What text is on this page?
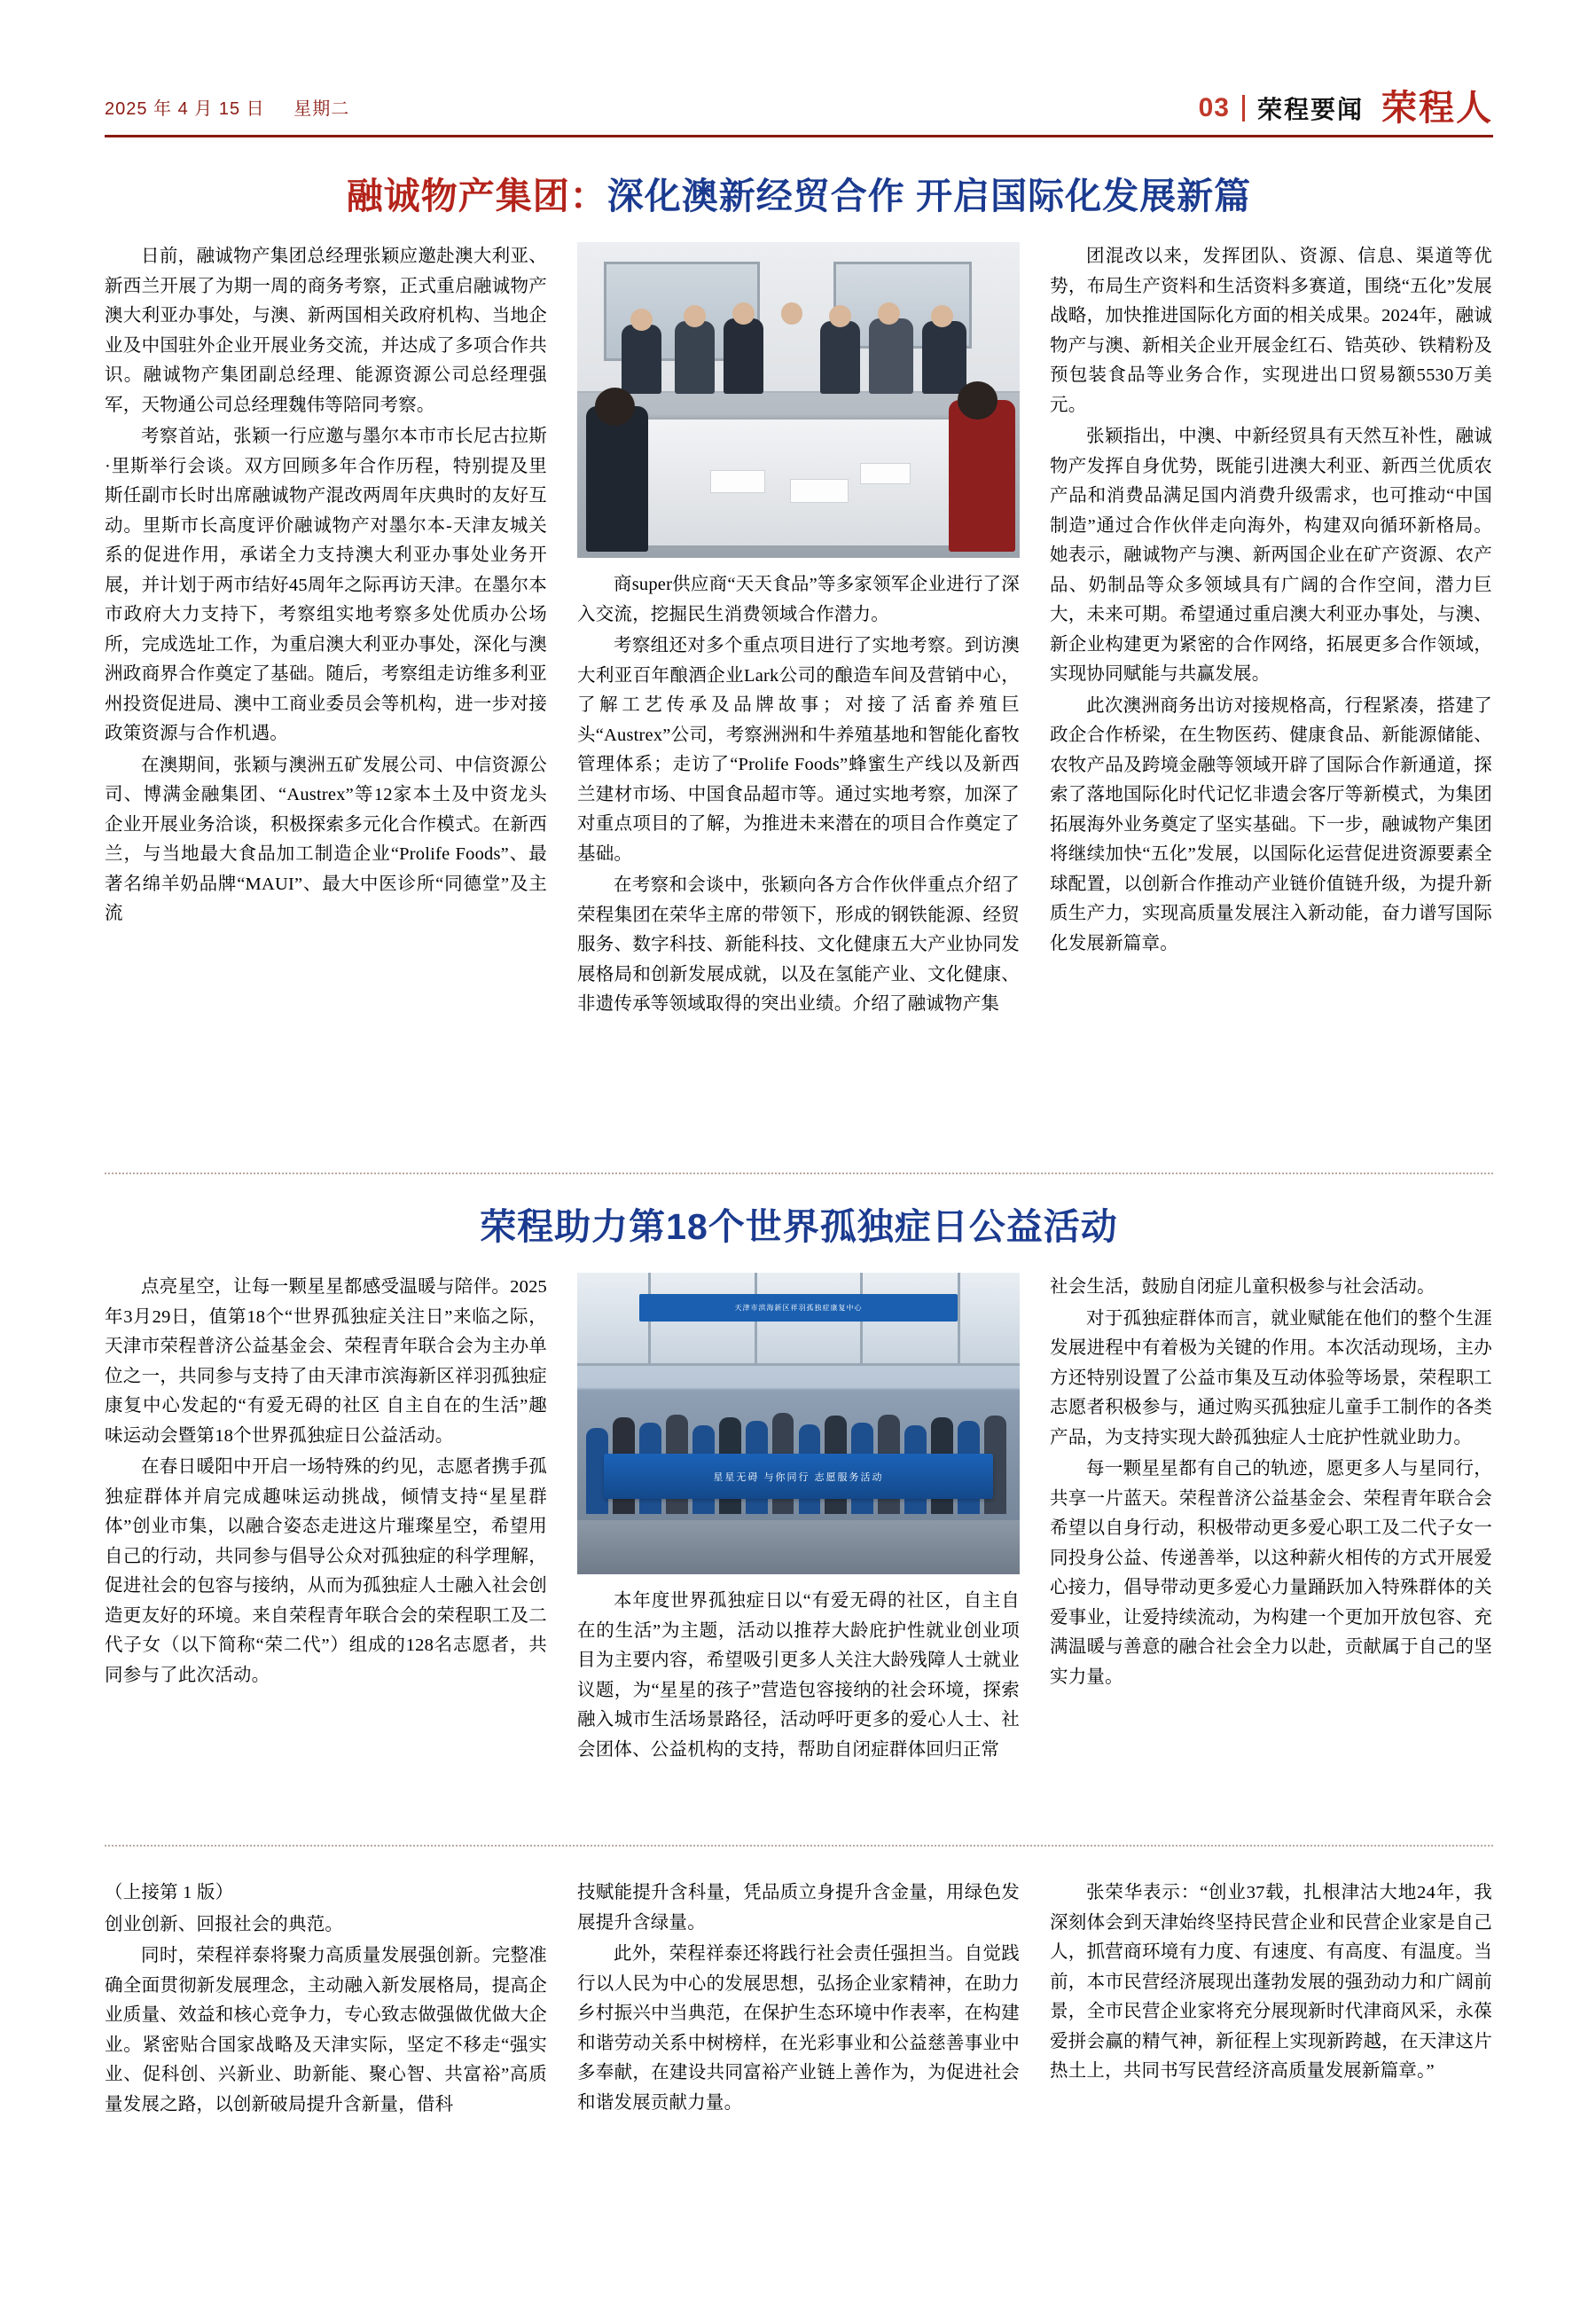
2025 年 4 月 15 日 星期二	03 荣程要闻 荣程人
融诚物产集团：深化澳新经贸合作 开启国际化发展新篇

日前，融诚物产集团总经理张颖应邀赴澳大利亚、新西兰开展了为期一周的商务考察，正式重启融诚物产澳大利亚办事处，与澳、新两国相关政府机构、当地企业及中国驻外企业开展业务交流，并达成了多项合作共识。融诚物产集团副总经理、能源资源公司总经理强军，天物通公司总经理魏伟等陪同考察。

考察首站，张颖一行应邀与墨尔本市市长尼古拉斯·里斯举行会谈。双方回顾多年合作历程，特别提及里斯任副市长时出席融诚物产混改两周年庆典时的友好互动。里斯市长高度评价融诚物产对墨尔本-天津友城关系的促进作用，承诺全力支持澳大利亚办事处业务开展，并计划于两市结好45周年之际再访天津。在墨尔本市政府大力支持下，考察组实地考察多处优质办公场所，完成选址工作，为重启澳大利亚办事处，深化与澳洲政商界合作奠定了基础。随后，考察组走访维多利亚州投资促进局、澳中工商业委员会等机构，进一步对接政策资源与合作机遇。

在澳期间，张颖与澳洲五矿发展公司、中信资源公司、博满金融集团、“Austrex”等12家本土及中资龙头企业开展业务洽谈，积极探索多元化合作模式。在新西兰，与当地最大食品加工制造企业“Prolife Foods”、最著名绵羊奶品牌“MAUI”、最大中医诊所“同德堂”及主流

商super供应商“天天食品”等多家领军企业进行了深入交流，挖掘民生消费领域合作潜力。

考察组还对多个重点项目进行了实地考察。到访澳大利亚百年酿酒企业Lark公司的酿造车间及营销中心，了解工艺传承及品牌故事；对接了活畜养殖巨头“Austrex”公司，考察洲洲和牛养殖基地和智能化畜牧管理体系；走访了“Prolife Foods”蜂蜜生产线以及新西兰建材市场、中国食品超市等。通过实地考察，加深了对重点项目的了解，为推进未来潜在的项目合作奠定了基础。

在考察和会谈中，张颖向各方合作伙伴重点介绍了荣程集团在荣华主席的带领下，形成的钢铁能源、经贸服务、数字科技、新能科技、文化健康五大产业协同发展格局和创新发展成就，以及在氢能产业、文化健康、非遗传承等领域取得的突出业绩。介绍了融诚物产集

团混改以来，发挥团队、资源、信息、渠道等优势，布局生产资料和生活资料多赛道，围绕“五化”发展战略，加快推进国际化方面的相关成果。2024年，融诚物产与澳、新相关企业开展金红石、锆英砂、铁精粉及预包装食品等业务合作，实现进出口贸易额5530万美元。

张颖指出，中澳、中新经贸具有天然互补性，融诚物产发挥自身优势，既能引进澳大利亚、新西兰优质农产品和消费品满足国内消费升级需求，也可推动“中国制造”通过合作伙伴走向海外，构建双向循环新格局。她表示，融诚物产与澳、新两国企业在矿产资源、农产品、奶制品等众多领域具有广阔的合作空间，潜力巨大，未来可期。希望通过重启澳大利亚办事处，与澳、新企业构建更为紧密的合作网络，拓展更多合作领域，实现协同赋能与共赢发展。

此次澳洲商务出访对接规格高，行程紧凑，搭建了政企合作桥梁，在生物医药、健康食品、新能源储能、农牧产品及跨境金融等领域开辟了国际合作新通道，探索了落地国际化时代记忆非遗会客厅等新模式，为集团拓展海外业务奠定了坚实基础。下一步，融诚物产集团将继续加快“五化”发展，以国际化运营促进资源要素全球配置，以创新合作推动产业链价值链升级，为提升新质生产力，实现高质量发展注入新动能，奋力谱写国际化发展新篇章。

荣程助力第18个世界孤独症日公益活动

点亮星空，让每一颗星星都感受温暖与陪伴。2025年3月29日，值第18个“世界孤独症关注日”来临之际，天津市荣程普济公益基金会、荣程青年联合会为主办单位之一，共同参与支持了由天津市滨海新区祥羽孤独症康复中心发起的“有爱无碍的社区 自主自在的生活”趣味运动会暨第18个世界孤独症日公益活动。

在春日暖阳中开启一场特殊的约见，志愿者携手孤独症群体并肩完成趣味运动挑战，倾情支持“星星群体”创业市集，以融合姿态走进这片璀璨星空，希望用自己的行动，共同参与倡导公众对孤独症的科学理解，促进社会的包容与接纳，从而为孤独症人士融入社会创造更友好的环境。来自荣程青年联合会的荣程职工及二代子女（以下简称“荣二代”）组成的128名志愿者，共同参与了此次活动。

天津市滨海新区祥羽孤独症康复中心
星星无碍 与你同行 志愿服务活动

本年度世界孤独症日以“有爱无碍的社区，自主自在的生活”为主题，活动以推荐大龄庇护性就业创业项目为主要内容，希望吸引更多人关注大龄残障人士就业议题，为“星星的孩子”营造包容接纳的社会环境，探索融入城市生活场景路径，活动呼吁更多的爱心人士、社会团体、公益机构的支持，帮助自闭症群体回归正常

社会生活，鼓励自闭症儿童积极参与社会活动。

对于孤独症群体而言，就业赋能在他们的整个生涯发展进程中有着极为关键的作用。本次活动现场，主办方还特别设置了公益市集及互动体验等场景，荣程职工志愿者积极参与，通过购买孤独症儿童手工制作的各类产品，为支持实现大龄孤独症人士庇护性就业助力。

每一颗星星都有自己的轨迹，愿更多人与星同行，共享一片蓝天。荣程普济公益基金会、荣程青年联合会希望以自身行动，积极带动更多爱心职工及二代子女一同投身公益、传递善举，以这种薪火相传的方式开展爱心接力，倡导带动更多爱心力量踊跃加入特殊群体的关爱事业，让爱持续流动，为构建一个更加开放包容、充满温暖与善意的融合社会全力以赴，贡献属于自己的坚实力量。

（上接第 1 版）

创业创新、回报社会的典范。

同时，荣程祥泰将聚力高质量发展强创新。完整准确全面贯彻新发展理念，主动融入新发展格局，提高企业质量、效益和核心竞争力，专心致志做强做优做大企业。紧密贴合国家战略及天津实际，坚定不移走“强实业、促科创、兴新业、助新能、聚心智、共富裕”高质量发展之路，以创新破局提升含新量，借科

技赋能提升含科量，凭品质立身提升含金量，用绿色发展提升含绿量。

此外，荣程祥泰还将践行社会责任强担当。自觉践行以人民为中心的发展思想，弘扬企业家精神，在助力乡村振兴中当典范，在保护生态环境中作表率，在构建和谐劳动关系中树榜样，在光彩事业和公益慈善事业中多奉献，在建设共同富裕产业链上善作为，为促进社会和谐发展贡献力量。

张荣华表示：“创业37载，扎根津沽大地24年，我深刻体会到天津始终坚持民营企业和民营企业家是自己人，抓营商环境有力度、有速度、有高度、有温度。当前，本市民营经济展现出蓬勃发展的强劲动力和广阔前景，全市民营企业家将充分展现新时代津商风采，永葆爱拼会赢的精气神，新征程上实现新跨越，在天津这片热土上，共同书写民营经济高质量发展新篇章。”
